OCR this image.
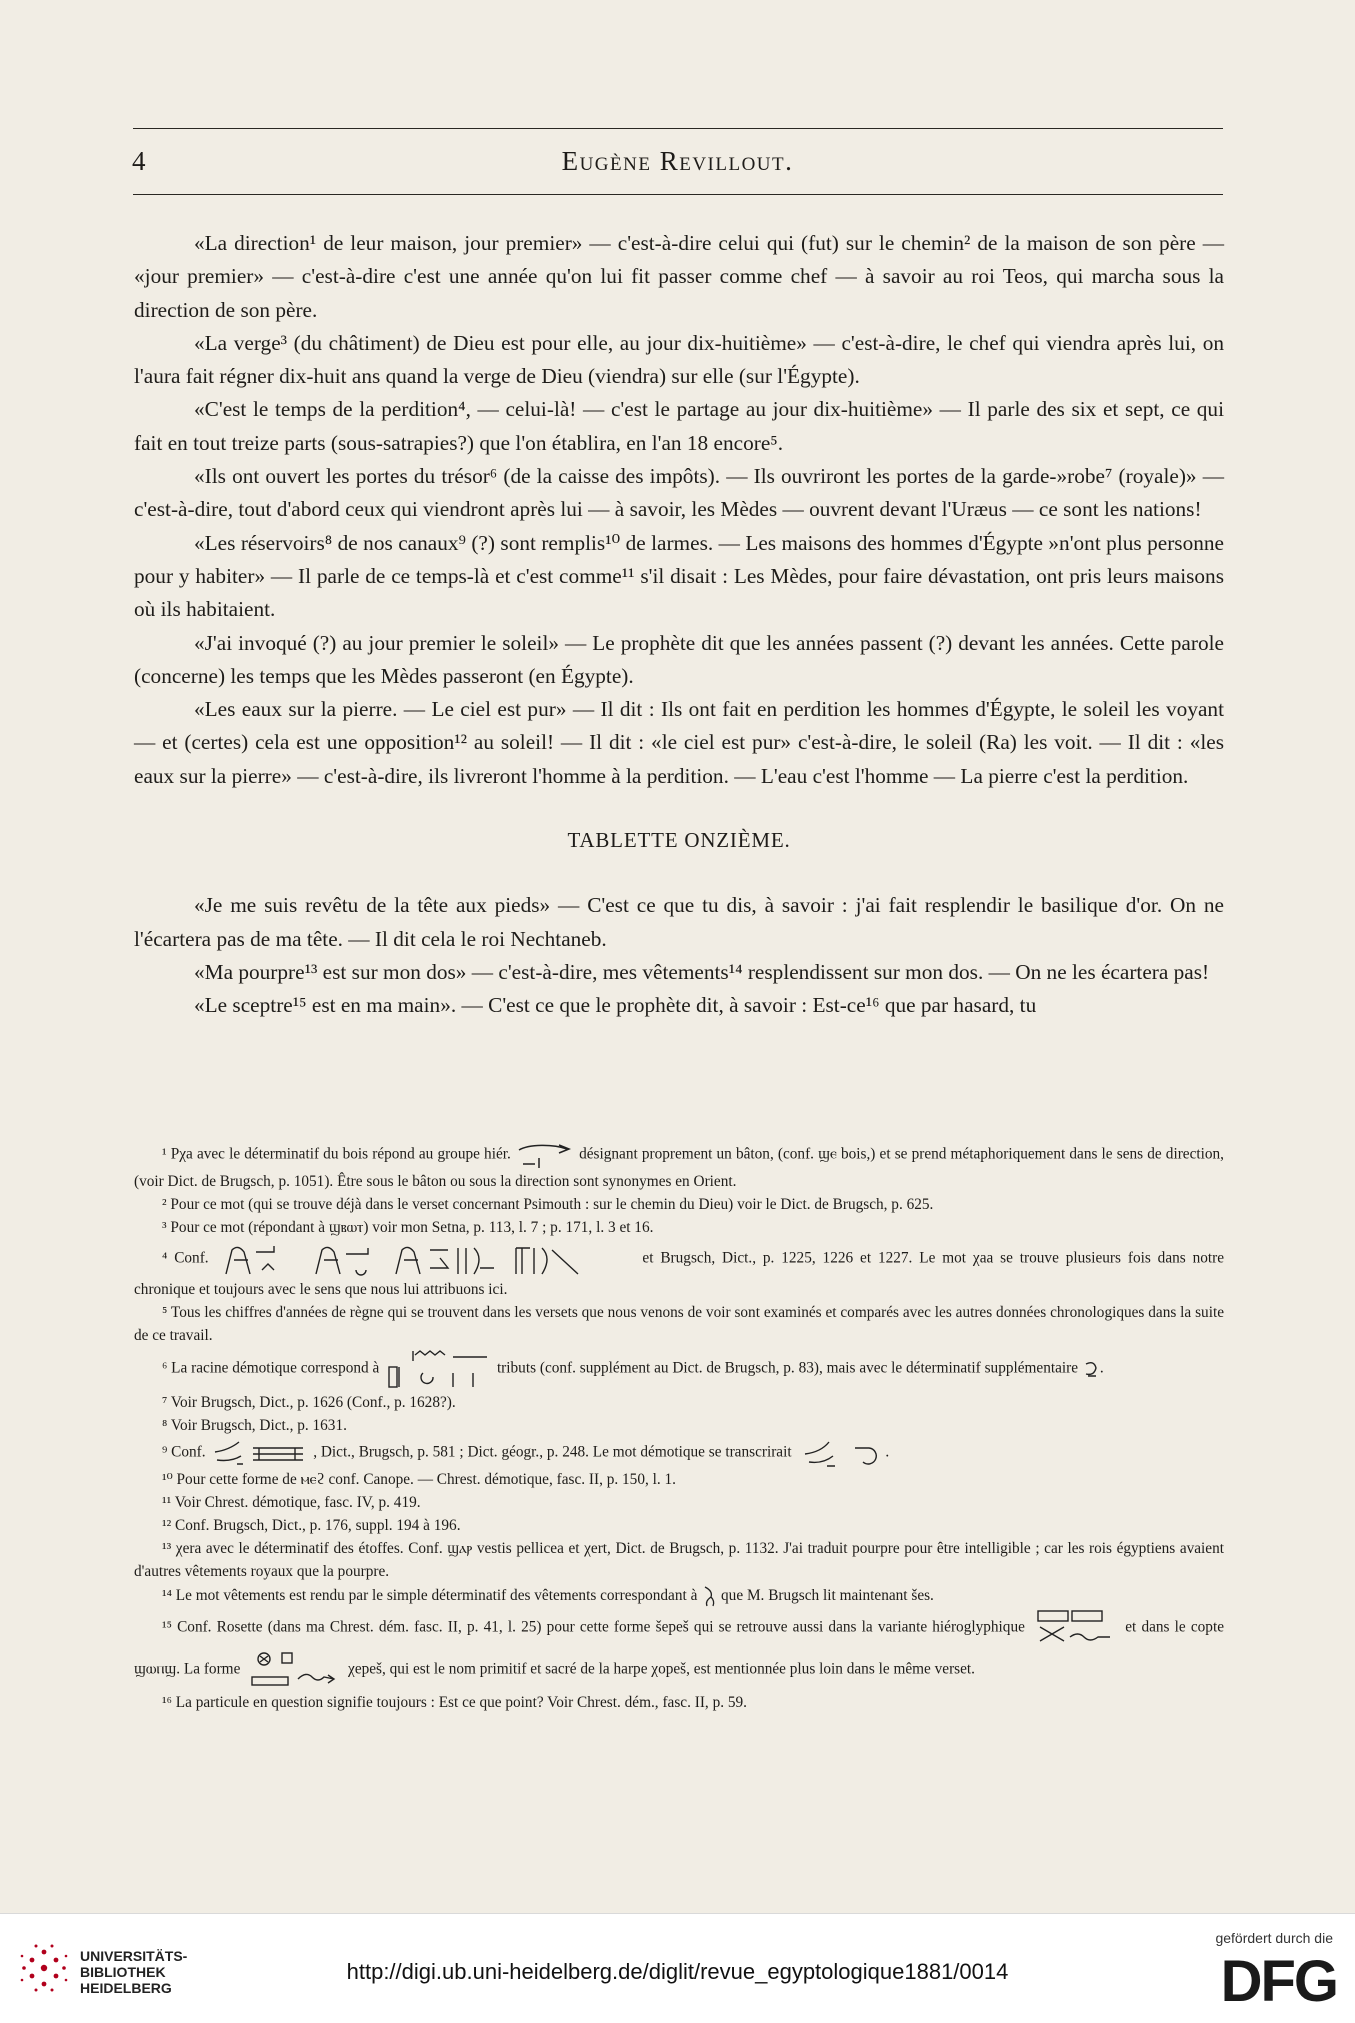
4	Eugène Revillout.

«La direction¹ de leur maison, jour premier» — c'est-à-dire celui qui (fut) sur le chemin² de la maison de son père — «jour premier» — c'est-à-dire c'est une année qu'on lui fit passer comme chef — à savoir au roi Teos, qui marcha sous la direction de son père.

«La verge³ (du châtiment) de Dieu est pour elle, au jour dix-huitième» — c'est-à-dire, le chef qui viendra après lui, on l'aura fait régner dix-huit ans quand la verge de Dieu (viendra) sur elle (sur l'Égypte).

«C'est le temps de la perdition⁴, — celui-là! — c'est le partage au jour dix-huitième» — Il parle des six et sept, ce qui fait en tout treize parts (sous-satrapies?) que l'on établira, en l'an 18 encore⁵.

«Ils ont ouvert les portes du trésor⁶ (de la caisse des impôts). — Ils ouvriront les portes de la garde-»robe⁷ (royale)» — c'est-à-dire, tout d'abord ceux qui viendront après lui — à savoir, les Mèdes — ouvrent devant l'Uræus — ce sont les nations!

«Les réservoirs⁸ de nos canaux⁹ (?) sont remplis¹⁰ de larmes. — Les maisons des hommes d'Égypte »n'ont plus personne pour y habiter» — Il parle de ce temps-là et c'est comme¹¹ s'il disait : Les Mèdes, pour faire dévastation, ont pris leurs maisons où ils habitaient.

«J'ai invoqué (?) au jour premier le soleil» — Le prophète dit que les années passent (?) devant les années. Cette parole (concerne) les temps que les Mèdes passeront (en Égypte).

«Les eaux sur la pierre. — Le ciel est pur» — Il dit : Ils ont fait en perdition les hommes d'Égypte, le soleil les voyant — et (certes) cela est une opposition¹² au soleil! — Il dit : «le ciel est pur» c'est-à-dire, le soleil (Ra) les voit. — Il dit : «les eaux sur la pierre» — c'est-à-dire, ils livreront l'homme à la perdition. — L'eau c'est l'homme — La pierre c'est la perdition.

TABLETTE ONZIÈME.

«Je me suis revêtu de la tête aux pieds» — C'est ce que tu dis, à savoir : j'ai fait resplendir le basilique d'or. On ne l'écartera pas de ma tête. — Il dit cela le roi Nechtaneb.

«Ma pourpre¹³ est sur mon dos» — c'est-à-dire, mes vêtements¹⁴ resplendissent sur mon dos. — On ne les écartera pas!

«Le sceptre¹⁵ est en ma main». — C'est ce que le prophète dit, à savoir : Est-ce¹⁶ que par hasard, tu

¹ Pχa avec le déterminatif du bois répond au groupe hiér.	désignant proprement un bâton, (conf. ϣⲉ bois,) et se prend métaphoriquement dans le sens de direction, (voir Dict. de Brugsch, p. 1051). Être sous le bâton ou sous la direction sont synonymes en Orient.

² Pour ce mot (qui se trouve déjà dans le verset concernant Psimouth : sur le chemin du Dieu) voir le Dict. de Brugsch, p. 625.

³ Pour ce mot (répondant à ϣⲃⲱⲧ) voir mon Setna, p. 113, l. 7 ; p. 171, l. 3 et 16.

⁴ Conf.	et Brugsch, Dict., p. 1225, 1226 et 1227. Le mot χaa se trouve plusieurs fois dans notre chronique et toujours avec le sens que nous lui attribuons ici.

⁵ Tous les chiffres d'années de règne qui se trouvent dans les versets que nous venons de voir sont examinés et comparés avec les autres données chronologiques dans la suite de ce travail.

⁶ La racine démotique correspond à	tributs (conf. supplément au Dict. de Brugsch, p. 83), mais avec le déterminatif supplémentaire .

⁷ Voir Brugsch, Dict., p. 1626 (Conf., p. 1628?).

⁸ Voir Brugsch, Dict., p. 1631.

⁹ Conf.	, Dict., Brugsch, p. 581 ; Dict. géogr., p. 248. Le mot démotique se transcrirait	.

¹⁰ Pour cette forme de ⲙⲉϩ conf. Canope. — Chrest. démotique, fasc. II, p. 150, l. 1.

¹¹ Voir Chrest. démotique, fasc. IV, p. 419.

¹² Conf. Brugsch, Dict., p. 176, suppl. 194 à 196.

¹³ χera avec le déterminatif des étoffes. Conf. ϣⲁⲣ vestis pellicea et χert, Dict. de Brugsch, p. 1132. J'ai traduit pourpre pour être intelligible ; car les rois égyptiens avaient d'autres vêtements royaux que la pourpre.

¹⁴ Le mot vêtements est rendu par le simple déterminatif des vêtements correspondant à que M. Brugsch lit maintenant šes.

¹⁵ Conf. Rosette (dans ma Chrest. dém. fasc. II, p. 41, l. 25) pour cette forme šepeš qui se retrouve aussi dans la variante hiéroglyphique	et dans le copte ϣⲱⲡϣ. La forme	χepeš, qui est le nom primitif et sacré de la harpe χopeš, est mentionnée plus loin dans le même verset.

¹⁶ La particule en question signifie toujours : Est ce que point? Voir Chrest. dém., fasc. II, p. 59.

UNIVERSITÄTS-
BIBLIOTHEK
HEIDELBERG
http://digi.ub.uni-heidelberg.de/diglit/revue_egyptologique1881/0014
gefördert durch die
DFG
